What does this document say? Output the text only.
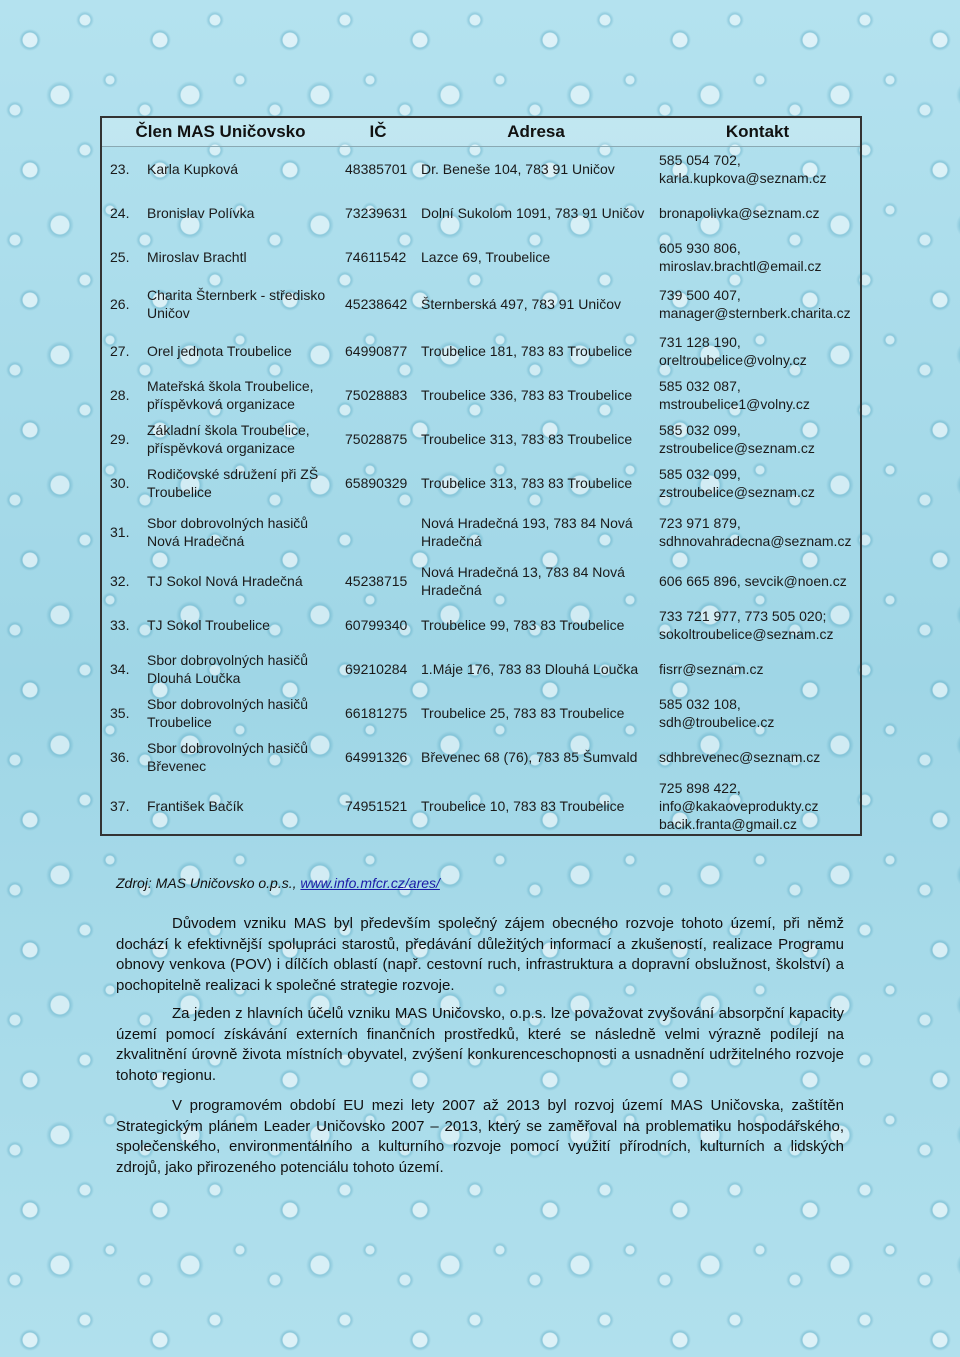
Člen MAS Uničovsko		IČ	Adresa	Kontakt
23.	Karla Kupková	48385701	Dr. Beneše 104, 783 91 Uničov	585 054 702, karla.kupkova@seznam.cz
24.	Bronislav Polívka	73239631	Dolní Sukolom 1091, 783 91 Uničov	bronapolivka@seznam.cz
25.	Miroslav Brachtl	74611542	Lazce 69, Troubelice	605 930 806, miroslav.brachtl@email.cz
26.	Charita Šternberk - středisko Uničov	45238642	Šternberská 497, 783 91 Uničov	739 500 407, manager@sternberk.charita.cz
27.	Orel jednota Troubelice	64990877	Troubelice 181, 783 83 Troubelice	731 128 190, oreltroubelice@volny.cz
28.	Mateřská škola Troubelice, příspěvková organizace	75028883	Troubelice 336, 783 83 Troubelice	585 032 087, mstroubelice1@volny.cz
29.	Základní škola Troubelice, příspěvková organizace	75028875	Troubelice 313, 783 83 Troubelice	585 032 099, zstroubelice@seznam.cz
30.	Rodičovské sdružení při ZŠ Troubelice	65890329	Troubelice 313, 783 83 Troubelice	585 032 099, zstroubelice@seznam.cz
31.	Sbor dobrovolných hasičů Nová Hradečná		Nová Hradečná 193, 783 84 Nová Hradečná	723 971 879, sdhnovahradecna@seznam.cz
32.	TJ Sokol Nová Hradečná	45238715	Nová Hradečná 13, 783 84 Nová Hradečná	606 665 896, sevcik@noen.cz
33.	TJ Sokol Troubelice	60799340	Troubelice 99, 783 83 Troubelice	733 721 977, 773 505 020; sokoltroubelice@seznam.cz
34.	Sbor dobrovolných hasičů Dlouhá Loučka	69210284	1.Máje 176, 783 83 Dlouhá Loučka	fisrr@seznam.cz
35.	Sbor dobrovolných hasičů Troubelice	66181275	Troubelice 25, 783 83 Troubelice	585 032 108, sdh@troubelice.cz
36.	Sbor dobrovolných hasičů Břevenec	64991326	Břevenec 68 (76), 783 85 Šumvald	sdhbrevenec@seznam.cz
37.	František Bačík	74951521	Troubelice 10, 783 83 Troubelice	725 898 422, info@kakaoveprodukty.cz bacik.franta@gmail.cz
Zdroj: MAS Uničovsko o.p.s., www.info.mfcr.cz/ares/

Důvodem vzniku MAS byl především společný zájem obecného rozvoje tohoto území, při němž dochází k efektivnější spolupráci starostů, předávání důležitých informací a zkušeností, realizace Programu obnovy venkova (POV) i dílčích oblastí (např. cestovní ruch, infrastruktura a dopravní obslužnost, školství) a pochopitelně realizaci k společné strategie rozvoje.

Za jeden z hlavních účelů vzniku MAS Uničovsko, o.p.s. lze považovat zvyšování absorpční kapacity území pomocí získávání externích finančních prostředků, které se následně velmi výrazně podílejí na zkvalitnění úrovně života místních obyvatel, zvýšení konkurenceschopnosti a usnadnění udržitelného rozvoje tohoto regionu.

V programovém období EU mezi lety 2007 až 2013 byl rozvoj území MAS Uničovska, zaštítěn Strategickým plánem Leader Uničovsko 2007 – 2013, který se zaměřoval na problematiku hospodářského, společenského, environmentálního a kulturního rozvoje pomocí využití přírodních, kulturních a lidských zdrojů, jako přirozeného potenciálu tohoto území.
